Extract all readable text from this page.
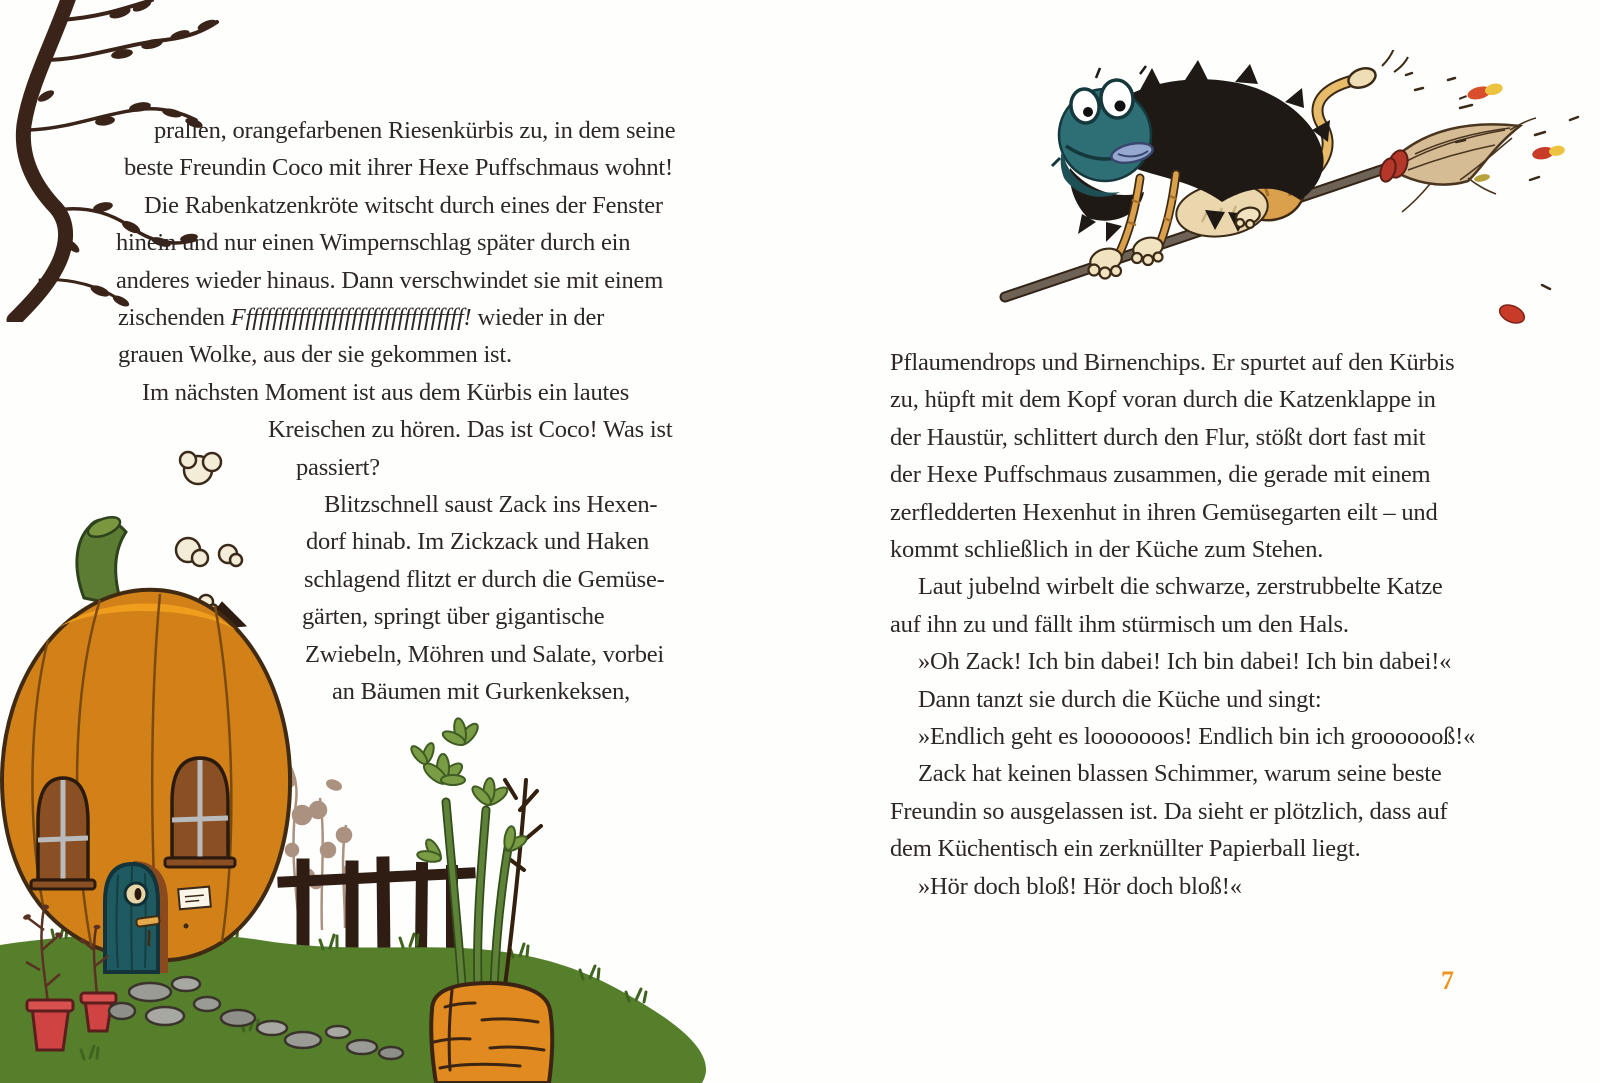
prallen, orangefarbenen Riesenkürbis zu, in dem seine
beste Freundin Coco mit ihrer Hexe Puffschmaus wohnt!
Die Rabenkatzenkröte witscht durch eines der Fenster
hinein und nur einen Wimpernschlag später durch ein
anderes wieder hinaus. Dann verschwindet sie mit einem
zischenden Ffffffffffffffffffffffffffffffffff! wieder in der
grauen Wolke, aus der sie gekommen ist.
Im nächsten Moment ist aus dem Kürbis ein lautes
Kreischen zu hören. Das ist Coco! Was ist
passiert?
Blitzschnell saust Zack ins Hexen-
dorf hinab. Im Zickzack und Haken
schlagend flitzt er durch die Gemüse-
gärten, springt über gigantische
Zwiebeln, Möhren und Salate, vorbei
an Bäumen mit Gurkenkeksen,
Pflaumendrops und Birnenchips. Er spurtet auf den Kürbis
zu, hüpft mit dem Kopf voran durch die Katzenklappe in
der Haustür, schlittert durch den Flur, stößt dort fast mit
der Hexe Puffschmaus zusammen, die gerade mit einem
zerfledderten Hexenhut in ihren Gemüsegarten eilt – und
kommt schließlich in der Küche zum Stehen.
Laut jubelnd wirbelt die schwarze, zerstrubbelte Katze
auf ihn zu und fällt ihm stürmisch um den Hals.
»Oh Zack! Ich bin dabei! Ich bin dabei! Ich bin dabei!«
Dann tanzt sie durch die Küche und singt:
»Endlich geht es looooooos! Endlich bin ich grooooooß!«
Zack hat keinen blassen Schimmer, warum seine beste
Freundin so ausgelassen ist. Da sieht er plötzlich, dass auf
dem Küchentisch ein zerknüllter Papierball liegt.
»Hör doch bloß! Hör doch bloß!«
7
